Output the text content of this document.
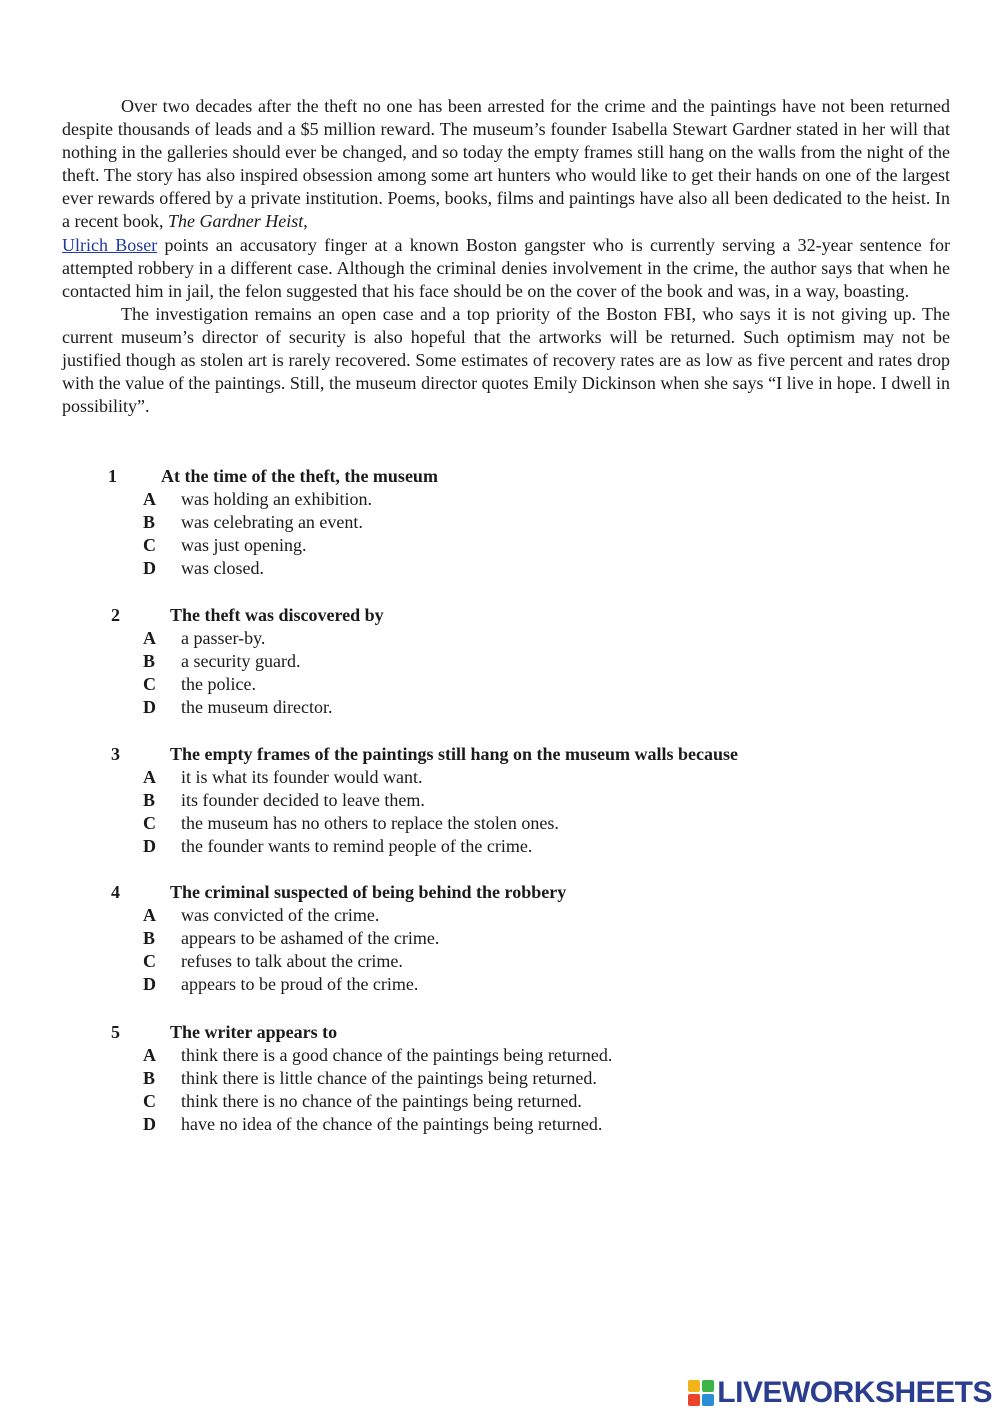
Over two decades after the theft no one has been arrested for the crime and the paintings have not been returned despite thousands of leads and a $5 million reward. The museum’s founder Isabella Stewart Gardner stated in her will that nothing in the galleries should ever be changed, and so today the empty frames still hang on the walls from the night of the theft. The story has also inspired obsession among some art hunters who would like to get their hands on one of the largest ever rewards offered by a private institution. Poems, books, films and paintings have also all been dedicated to the heist. In a recent book, The Gardner Heist,
Ulrich Boser points an accusatory finger at a known Boston gangster who is currently serving a 32-year sentence for attempted robbery in a different case. Although the criminal denies involvement in the crime, the author says that when he contacted him in jail, the felon suggested that his face should be on the cover of the book and was, in a way, boasting.

The investigation remains an open case and a top priority of the Boston FBI, who says it is not giving up. The current museum’s director of security is also hopeful that the artworks will be returned. Such optimism may not be justified though as stolen art is rarely recovered. Some estimates of recovery rates are as low as five percent and rates drop with the value of the paintings. Still, the museum director quotes Emily Dickinson when she says “I live in hope. I dwell in possibility”.

1 At the time of the theft, the museum
A was holding an exhibition.
B was celebrating an event.
C was just opening.
D was closed.
2	The theft was discovered by
A a passer-by.
B a security guard.
C the police.
D the museum director.
3	The empty frames of the paintings still hang on the museum walls because
A it is what its founder would want.
B its founder decided to leave them.
C the museum has no others to replace the stolen ones.
D the founder wants to remind people of the crime.
4	The criminal suspected of being behind the robbery
A was convicted of the crime.
B appears to be ashamed of the crime.
C refuses to talk about the crime.
D appears to be proud of the crime.
5	The writer appears to
A think there is a good chance of the paintings being returned.
B think there is little chance of the paintings being returned.
C think there is no chance of the paintings being returned.
D have no idea of the chance of the paintings being returned.
LIVEWORKSHEETS
